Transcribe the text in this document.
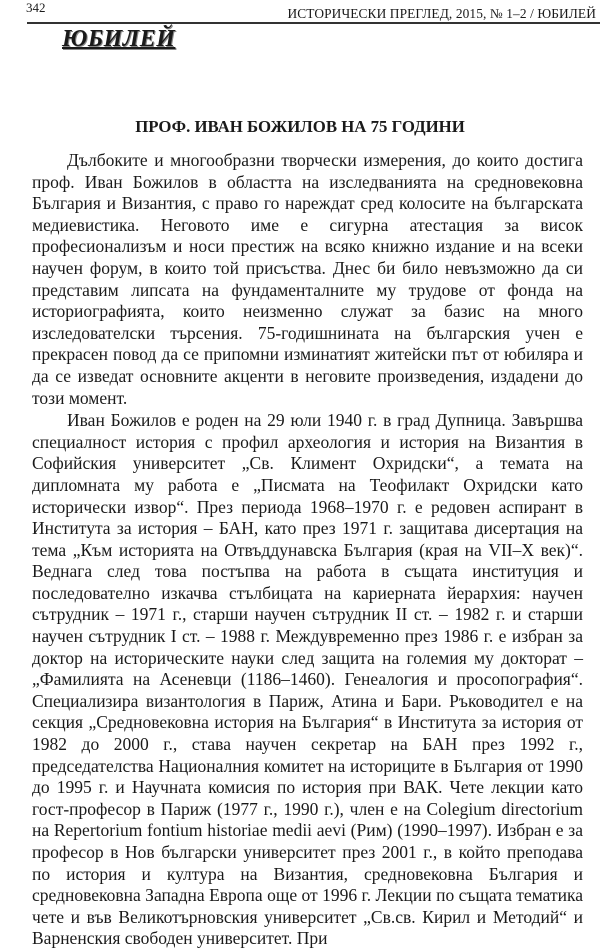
342	ИСТОРИЧЕСКИ ПРЕГЛЕД, 2015, № 1–2 / ЮБИЛЕЙ
ЮБИЛЕЙ
ПРОФ. ИВАН БОЖИЛОВ НА 75 ГОДИНИ

Дълбоките и многообразни творчески измерения, до които достига проф. Иван Божилов в областта на изследванията на средновековна България и Византия, с право го нареждат сред колосите на българската медиевистика. Неговото име е сигурна атестация за висок професионализъм и носи престиж на всяко книжно издание и на всеки научен форум, в които той присъства. Днес би било невъзможно да си представим липсата на фундаменталните му трудове от фонда на историографията, които неизменно служат за базис на много изследователски търсения. 75-годишнината на българския учен е прекрасен повод да се припомни изминатият житейски път от юбиляра и да се изведат основните акценти в неговите произведения, издадени до този момент.

Иван Божилов е роден на 29 юли 1940 г. в град Дупница. Завършва специалност история с профил археология и история на Византия в Софийския университет „Св. Климент Охридски“, а темата на дипломната му работа е „Писмата на Теофилакт Охридски като исторически извор“. През периода 1968–1970 г. е редовен аспирант в Института за история – БАН, като през 1971 г. защитава дисертация на тема „Към историята на Отвъддунавска България (края на VII–X век)“. Веднага след това постъпва на работа в същата институция и последователно изкачва стълбицата на кариерната йерархия: научен сътрудник – 1971 г., старши научен сътрудник II ст. – 1982 г. и старши научен сътрудник I ст. – 1988 г. Междувременно през 1986 г. е избран за доктор на историческите науки след защита на големия му докторат – „Фамилията на Асеневци (1186–1460). Генеалогия и просопография“. Специализира византология в Париж, Атина и Бари. Ръководител е на секция „Средновековна история на България“ в Института за история от 1982 до 2000 г., става научен секретар на БАН през 1992 г., председателства Националния комитет на историците в България от 1990 до 1995 г. и Научната комисия по история при ВАК. Чете лекции като гост-професор в Париж (1977 г., 1990 г.), член е на Colegium directorium на Repertorium fontium historiae medii aevi (Рим) (1990–1997). Избран е за професор в Нов български университет през 2001 г., в който преподава по история и култура на Византия, средновековна България и средновековна Западна Европа още от 1996 г. Лекции по същата тематика чете и във Великотърновския университет „Св.св. Кирил и Методий“ и Варненския свободен университет. При
